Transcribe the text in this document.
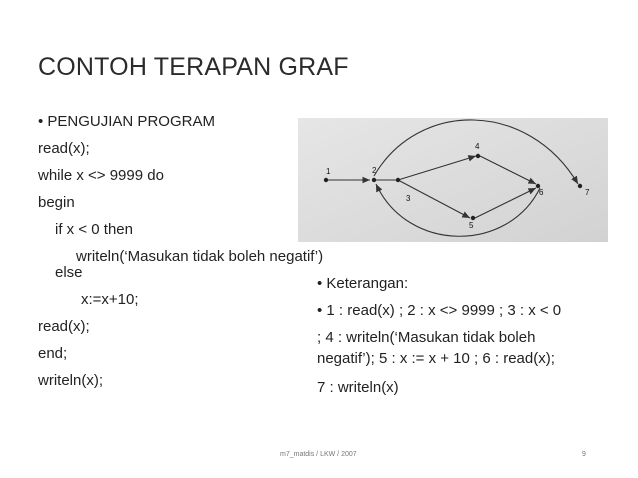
CONTOH TERAPAN GRAF
• PENGUJIAN PROGRAM
read(x);
while x <> 9999 do
begin
if x < 0 then
writeln(‘Masukan tidak boleh negatif’)
else
x:=x+10;
read(x);
end;
writeln(x);
1	2
3
4
5
6	7
• Keterangan:
• 1 : read(x) ; 2 : x <> 9999 ; 3 : x < 0
; 4 : writeln(‘Masukan tidak boleh
negatif’); 5 : x := x + 10 ; 6 : read(x);
7 : writeln(x)
m7_matdis / LKW / 2007	9
